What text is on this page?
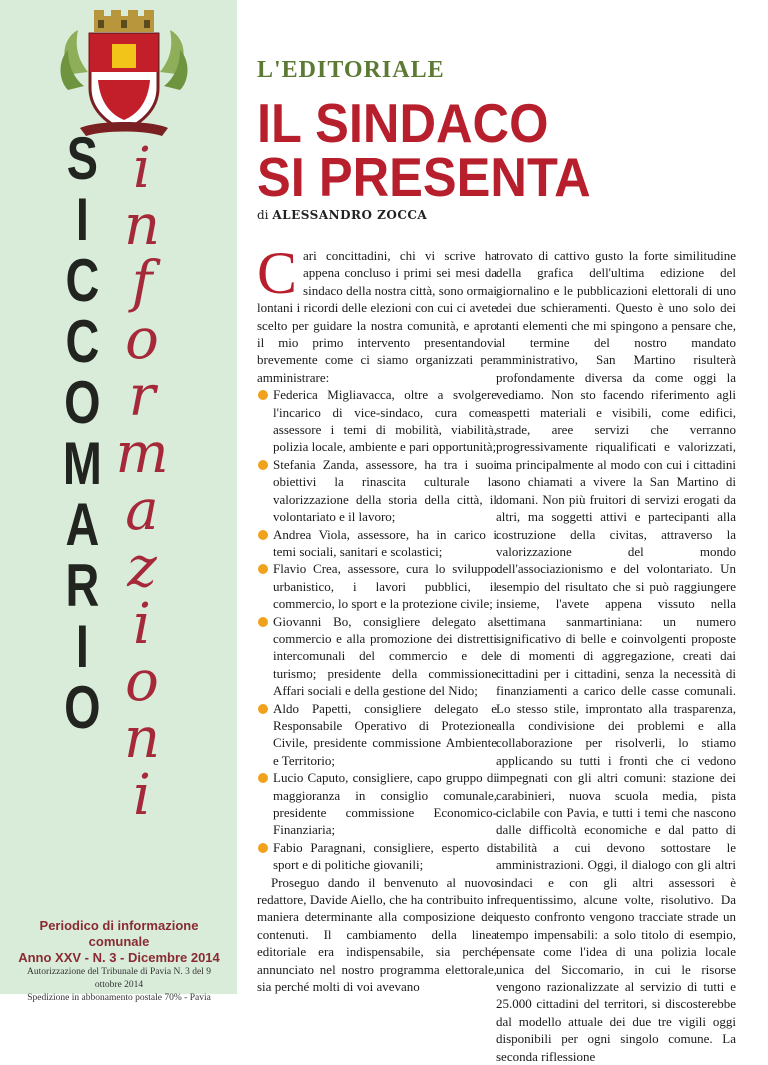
S
I
C
C
O
M
A
R
I
O
i
n
f
o
r
m
a
z
i
o
n
i
Periodico di informazione comunale
Anno XXV - N. 3 - Dicembre 2014
Autorizzazione del Tribunale di Pavia N. 3 del 9 ottobre 2014
Spedizione in abbonamento postale 70% - Pavia
L'EDITORIALE
IL SINDACO
SI PRESENTA
di ALESSANDRO ZOCCA

Cari concittadini, chi vi scrive ha appena concluso i primi sei mesi da sindaco della nostra città, sono ormai lontani i ricordi delle elezioni con cui ci avete scelto per guidare la nostra comunità, e apro il mio primo intervento presentandovi brevemente come ci siamo organizzati per amministrare:

Federica Migliavacca, oltre a svolgere l'incarico di vice-sindaco, cura come assessore i temi di mobilità, viabilità, polizia locale, ambiente e pari opportunità;
Stefania Zanda, assessore, ha tra i suoi obiettivi la rinascita culturale la valorizzazione della storia della città, il volontariato e il lavoro;
Andrea Viola, assessore, ha in carico i temi sociali, sanitari e scolastici;
Flavio Crea, assessore, cura lo sviluppo urbanistico, i lavori pubblici, il commercio, lo sport e la protezione civile;
Giovanni Bo, consigliere delegato al commercio e alla promozione dei distretti intercomunali del commercio e del turismo; presidente della commissione Affari sociali e della gestione del Nido;
Aldo Papetti, consigliere delegato e Responsabile Operativo di Protezione Civile, presidente commissione Ambiente e Territorio;
Lucio Caputo, consigliere, capo gruppo di maggioranza in consiglio comunale, presidente commissione Economico-Finanziaria;
Fabio Paragnani, consigliere, esperto di sport e di politiche giovanili;

Proseguo dando il benvenuto al nuovo redattore, Davide Aiello, che ha contribuito in maniera determinante alla composizione dei contenuti. Il cambiamento della linea editoriale era indispensabile, sia perché annunciato nel nostro programma elettorale, sia perché molti di voi avevano

trovato di cattivo gusto la forte similitudine della grafica dell'ultima edizione del giornalino e le pubblicazioni elettorali di uno dei due schieramenti. Questo è uno solo dei tanti elementi che mi spingono a pensare che, al termine del nostro mandato amministrativo, San Martino risulterà profondamente diversa da come oggi la vediamo. Non sto facendo riferimento agli aspetti materiali e visibili, come edifici, strade, aree servizi che verranno progressivamente riqualificati e valorizzati, ma principalmente al modo con cui i cittadini sono chiamati a vivere la San Martino di domani. Non più fruitori di servizi erogati da altri, ma soggetti attivi e partecipanti alla costruzione della civitas, attraverso la valorizzazione del mondo dell'associazionismo e del volontariato. Un esempio del risultato che si può raggiungere insieme, l'avete appena vissuto nella settimana sanmartiniana: un numero significativo di belle e coinvolgenti proposte e di momenti di aggregazione, creati dai cittadini per i cittadini, senza la necessità di finanziamenti a carico delle casse comunali. Lo stesso stile, improntato alla trasparenza, alla condivisione dei problemi e alla collaborazione per risolverli, lo stiamo applicando su tutti i fronti che ci vedono impegnati con gli altri comuni: stazione dei carabinieri, nuova scuola media, pista ciclabile con Pavia, e tutti i temi che nascono dalle difficoltà economiche e dal patto di stabilità a cui devono sottostare le amministrazioni. Oggi, il dialogo con gli altri sindaci e con gli altri assessori è frequentissimo, alcune volte, risolutivo. Da questo confronto vengono tracciate strade un tempo impensabili: a solo titolo di esempio, pensate come l'idea di una polizia locale unica del Siccomario, in cui le risorse vengono razionalizzate al servizio di tutti e 25.000 cittadini del territori, si discosterebbe dal modello attuale dei due tre vigili oggi disponibili per ogni singolo comune. La seconda riflessione
